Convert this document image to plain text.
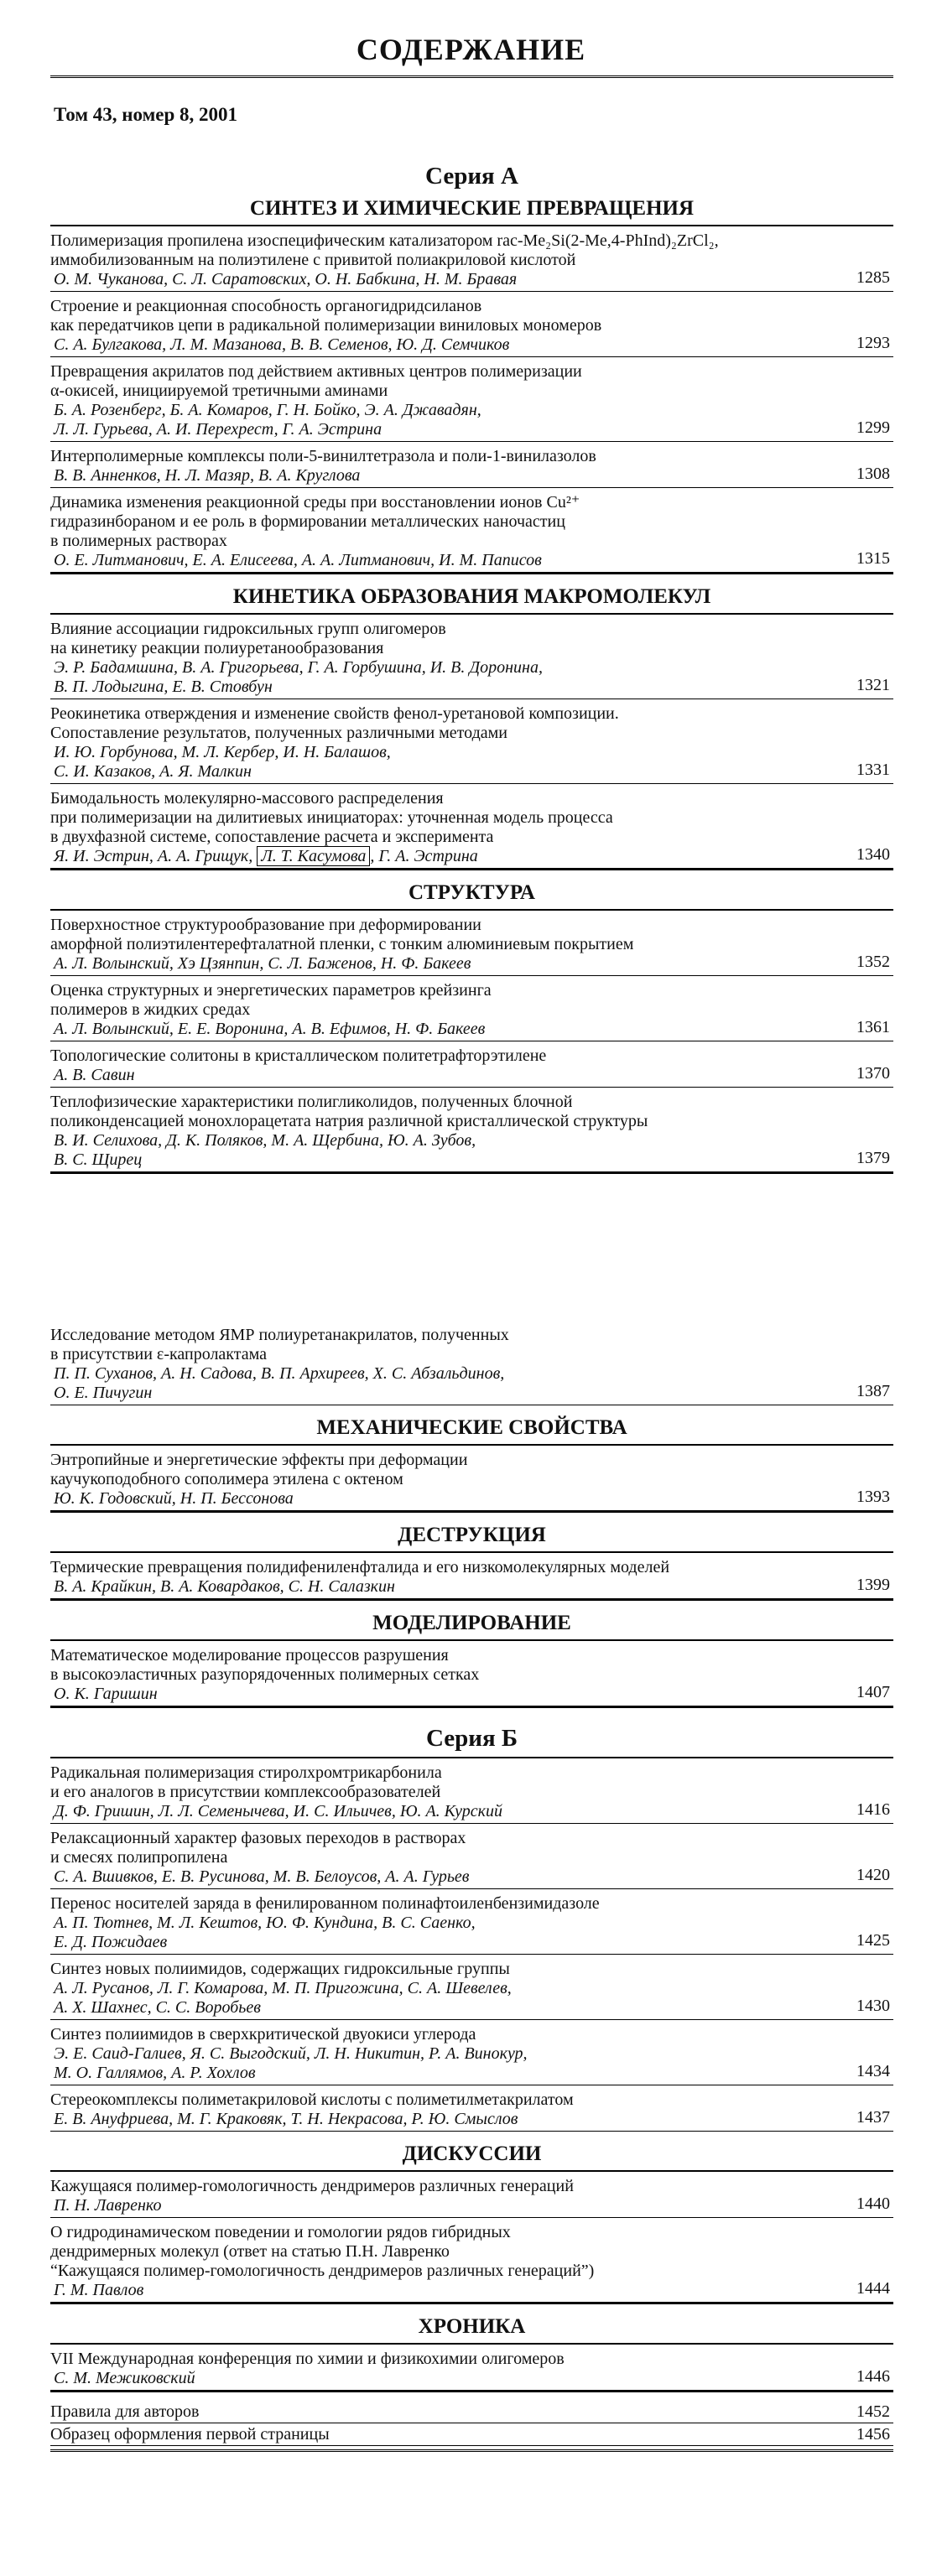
СОДЕРЖАНИЕ
Том 43, номер 8, 2001
Серия А
СИНТЕЗ И ХИМИЧЕСКИЕ ПРЕВРАЩЕНИЯ
Полимеризация пропилена изоспецифическим катализатором rac-Me₂Si(2-Me,4-PhInd)₂ZrCl₂,
иммобилизованным на полиэтилене с привитой полиакриловой кислотой
О. М. Чуканова, С. Л. Саратовских, О. Н. Бабкина, Н. М. Бравая	1285
Строение и реакционная способность органогидридсиланов
как передатчиков цепи в радикальной полимеризации виниловых мономеров
С. А. Булгакова, Л. М. Мазанова, В. В. Семенов, Ю. Д. Семчиков	1293
Превращения акрилатов под действием активных центров полимеризации
α-окисей, инициируемой третичными аминами
Б. А. Розенберг, Б. А. Комаров, Г. Н. Бойко, Э. А. Джавадян,
Л. Л. Гурьева, А. И. Перехрест, Г. А. Эстрина	1299
Интерполимерные комплексы поли-5-винилтетразола и поли-1-винилазолов
В. В. Анненков, Н. Л. Мазяр, В. А. Круглова	1308
Динамика изменения реакционной среды при восстановлении ионов Cu²⁺
гидразинбораном и ее роль в формировании металлических наночастиц
в полимерных растворах
О. Е. Литманович, Е. А. Елисеева, А. А. Литманович, И. М. Паписов	1315
КИНЕТИКА ОБРАЗОВАНИЯ МАКРОМОЛЕКУЛ
Влияние ассоциации гидроксильных групп олигомеров
на кинетику реакции полиуретанообразования
Э. Р. Бадамшина, В. А. Григорьева, Г. А. Горбушина, И. В. Доронина,
В. П. Лодыгина, Е. В. Стовбун	1321
Реокинетика отверждения и изменение свойств фенол-уретановой композиции.
Сопоставление результатов, полученных различными методами
И. Ю. Горбунова, М. Л. Кербер, И. Н. Балашов,
С. И. Казаков, А. Я. Малкин	1331
Бимодальность молекулярно-массового распределения
при полимеризации на дилитиевых инициаторах: уточненная модель процесса
в двухфазной системе, сопоставление расчета и эксперимента
Я. И. Эстрин, А. А. Грищук, Л. Т. Касумова , Г. А. Эстрина	1340
СТРУКТУРА
Поверхностное структурообразование при деформировании
аморфной полиэтилентерефталатной пленки, с тонким алюминиевым покрытием
А. Л. Волынский, Хэ Цзянпин, С. Л. Баженов, Н. Ф. Бакеев	1352
Оценка структурных и энергетических параметров крейзинга
полимеров в жидких средах
А. Л. Волынский, Е. Е. Воронина, А. В. Ефимов, Н. Ф. Бакеев	1361
Топологические солитоны в кристаллическом политетрафторэтилене
А. В. Савин	1370
Теплофизические характеристики полигликолидов, полученных блочной
поликонденсацией монохлорацетата натрия различной кристаллической структуры
В. И. Селихова, Д. К. Поляков, М. А. Щербина, Ю. А. Зубов,
В. С. Щирец	1379
Исследование методом ЯМР полиуретанакрилатов, полученных
в присутствии ε-капролактама
П. П. Суханов, А. Н. Садова, В. П. Архиреев, Х. С. Абзальдинов,
О. Е. Пичугин	1387
МЕХАНИЧЕСКИЕ СВОЙСТВА
Энтропийные и энергетические эффекты при деформации
каучукоподобного сополимера этилена с октеном
Ю. К. Годовский, Н. П. Бессонова	1393
ДЕСТРУКЦИЯ
Термические превращения полидифениленфталида и его низкомолекулярных моделей
В. А. Крайкин, В. А. Ковардаков, С. Н. Салазкин	1399
МОДЕЛИРОВАНИЕ
Математическое моделирование процессов разрушения
в высокоэластичных разупорядоченных полимерных сетках
О. К. Гаришин	1407
Серия Б
Радикальная полимеризация стиролхромтрикарбонила
и его аналогов в присутствии комплексообразователей
Д. Ф. Гришин, Л. Л. Семенычева, И. С. Ильичев, Ю. А. Курский	1416
Релаксационный характер фазовых переходов в растворах
и смесях полипропилена
С. А. Вшивков, Е. В. Русинова, М. В. Белоусов, А. А. Гурьев	1420
Перенос носителей заряда в фенилированном полинафтоиленбензимидазоле
А. П. Тютнев, М. Л. Кештов, Ю. Ф. Кундина, В. С. Саенко,
Е. Д. Пожидаев	1425
Синтез новых полиимидов, содержащих гидроксильные группы
А. Л. Русанов, Л. Г. Комарова, М. П. Пригожина, С. А. Шевелев,
А. Х. Шахнес, С. С. Воробьев	1430
Синтез полиимидов в сверхкритической двуокиси углерода
Э. Е. Саид-Галиев, Я. С. Выгодский, Л. Н. Никитин, Р. А. Винокур,
М. О. Галлямов, А. Р. Хохлов	1434
Стереокомплексы полиметакриловой кислоты с полиметилметакрилатом
Е. В. Ануфриева, М. Г. Краковяк, Т. Н. Некрасова, Р. Ю. Смыслов	1437
ДИСКУССИИ
Кажущаяся полимер-гомологичность дендримеров различных генераций
П. Н. Лавренко	1440
О гидродинамическом поведении и гомологии рядов гибридных
дендримерных молекул (ответ на статью П.Н. Лавренко
“Кажущаяся полимер-гомологичность дендримеров различных генераций”)
Г. М. Павлов	1444
ХРОНИКА
VII Международная конференция по химии и физикохимии олигомеров
С. М. Межиковский	1446
Правила для авторов	1452
Образец оформления первой страницы	1456
